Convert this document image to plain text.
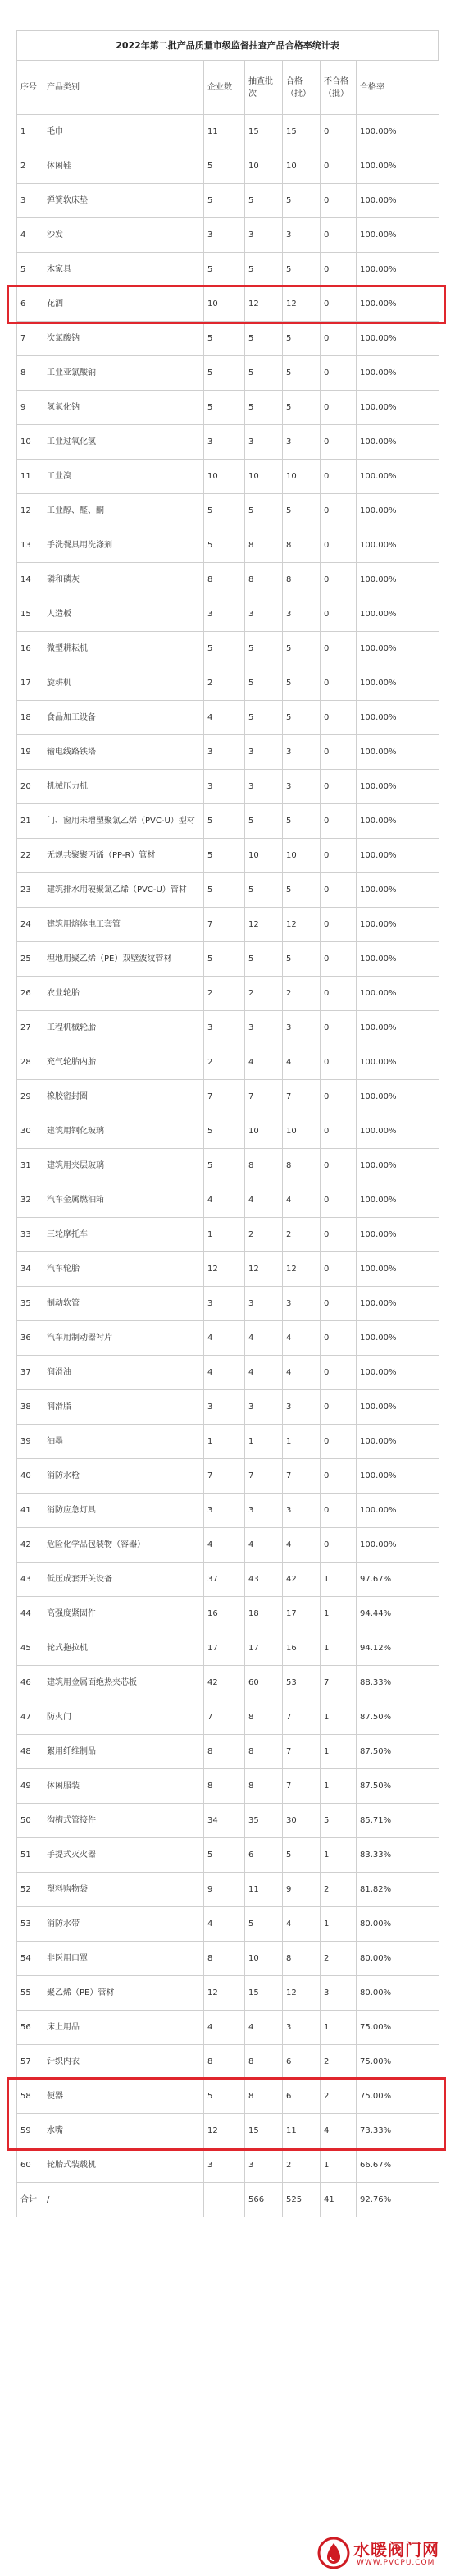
2022年第二批产品质量市级监督抽查产品合格率统计表
序号	产品类别	企业数	抽查批次	合格（批）	不合格（批）	合格率
1	毛巾	11	15	15	0	100.00%
2	休闲鞋	5	10	10	0	100.00%
3	弹簧软床垫	5	5	5	0	100.00%
4	沙发	3	3	3	0	100.00%
5	木家具	5	5	5	0	100.00%
6	花洒	10	12	12	0	100.00%
7	次氯酸钠	5	5	5	0	100.00%
8	工业亚氯酸钠	5	5	5	0	100.00%
9	氢氧化钠	5	5	5	0	100.00%
10	工业过氧化氢	3	3	3	0	100.00%
11	工业溴	10	10	10	0	100.00%
12	工业醇、醛、酮	5	5	5	0	100.00%
13	手洗餐具用洗涤剂	5	8	8	0	100.00%
14	磷和磷灰	8	8	8	0	100.00%
15	人造板	3	3	3	0	100.00%
16	微型耕耘机	5	5	5	0	100.00%
17	旋耕机	2	5	5	0	100.00%
18	食品加工设备	4	5	5	0	100.00%
19	输电线路铁塔	3	3	3	0	100.00%
20	机械压力机	3	3	3	0	100.00%
21	门、窗用未增塑聚氯乙烯（PVC-U）型材	5	5	5	0	100.00%
22	无规共聚聚丙烯（PP-R）管材	5	10	10	0	100.00%
23	建筑排水用硬聚氯乙烯（PVC-U）管材	5	5	5	0	100.00%
24	建筑用熔体电工套管	7	12	12	0	100.00%
25	埋地用聚乙烯（PE）双壁波纹管材	5	5	5	0	100.00%
26	农业轮胎	2	2	2	0	100.00%
27	工程机械轮胎	3	3	3	0	100.00%
28	充气轮胎内胎	2	4	4	0	100.00%
29	橡胶密封圈	7	7	7	0	100.00%
30	建筑用钢化玻璃	5	10	10	0	100.00%
31	建筑用夹层玻璃	5	8	8	0	100.00%
32	汽车金属燃油箱	4	4	4	0	100.00%
33	三轮摩托车	1	2	2	0	100.00%
34	汽车轮胎	12	12	12	0	100.00%
35	制动软管	3	3	3	0	100.00%
36	汽车用制动器衬片	4	4	4	0	100.00%
37	润滑油	4	4	4	0	100.00%
38	润滑脂	3	3	3	0	100.00%
39	油墨	1	1	1	0	100.00%
40	消防水枪	7	7	7	0	100.00%
41	消防应急灯具	3	3	3	0	100.00%
42	危险化学品包装物（容器）	4	4	4	0	100.00%
43	低压成套开关设备	37	43	42	1	97.67%
44	高强度紧固件	16	18	17	1	94.44%
45	轮式拖拉机	17	17	16	1	94.12%
46	建筑用金属面绝热夹芯板	42	60	53	7	88.33%
47	防火门	7	8	7	1	87.50%
48	絮用纤维制品	8	8	7	1	87.50%
49	休闲服装	8	8	7	1	87.50%
50	沟槽式管接件	34	35	30	5	85.71%
51	手提式灭火器	5	6	5	1	83.33%
52	塑料购物袋	9	11	9	2	81.82%
53	消防水带	4	5	4	1	80.00%
54	非医用口罩	8	10	8	2	80.00%
55	聚乙烯（PE）管材	12	15	12	3	80.00%
56	床上用品	4	4	3	1	75.00%
57	针织内衣	8	8	6	2	75.00%
58	便器	5	8	6	2	75.00%
59	水嘴	12	15	11	4	73.33%
60	轮胎式装载机	3	3	2	1	66.67%
合计	/		566	525	41	92.76%
水暖阀门网
WWW.PVCPU.COM
